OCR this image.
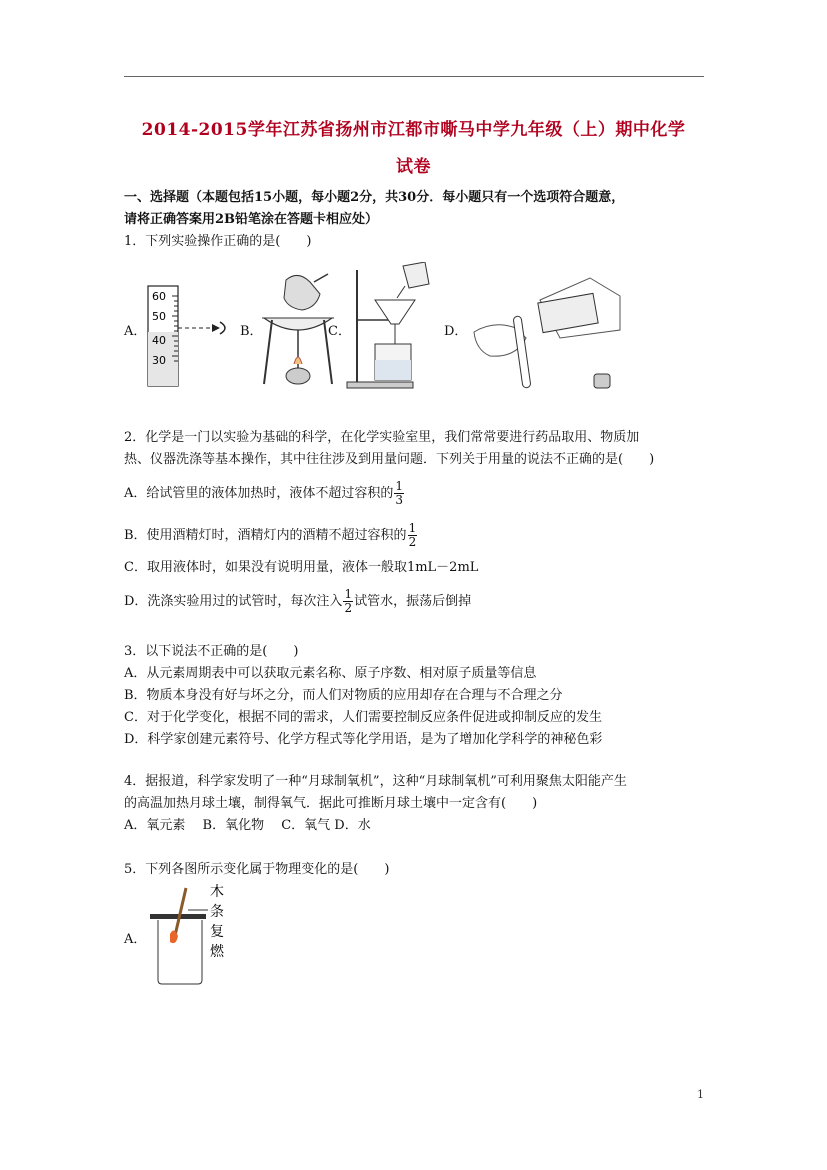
2014-2015学年江苏省扬州市江都市嘶马中学九年级（上）期中化学
试卷
一、选择题（本题包括15小题，每小题2分，共30分．每小题只有一个选项符合题意，
请将正确答案用2B铅笔涂在答题卡相应处）
1．下列实验操作正确的是(　　)
A．
60
50
40
30
B．	C．	D．
2．化学是一门以实验为基础的科学，在化学实验室里，我们常常要进行药品取用、物质加
热、仪器洗涤等基本操作，其中往往涉及到用量问题．下列关于用量的说法不正确的是(　　)
A．给试管里的液体加热时，液体不超过容积的 $\frac{1}{3}$
B．使用酒精灯时，酒精灯内的酒精不超过容积的 $\frac{1}{2}$
C．取用液体时，如果没有说明用量，液体一般取1mL－2mL
D．洗涤实验用过的试管时，每次注入 $\frac{1}{2}$ 试管水，振荡后倒掉
3．以下说法不正确的是(　　)
A．从元素周期表中可以获取元素名称、原子序数、相对原子质量等信息
B．物质本身没有好与坏之分，而人们对物质的应用却存在合理与不合理之分
C．对于化学变化，根据不同的需求，人们需要控制反应条件促进或抑制反应的发生
D．科学家创建元素符号、化学方程式等化学用语，是为了增加化学科学的神秘色彩
4．据报道，科学家发明了一种“月球制氧机”，这种“月球制氧机”可利用聚焦太阳能产生
的高温加热月球土壤，制得氧气．据此可推断月球土壤中一定含有(　　)
A．氧元素　 B．氧化物　 C．氧气 D．水
5．下列各图所示变化属于物理变化的是(　　)
A．
木
条
复
燃
1
